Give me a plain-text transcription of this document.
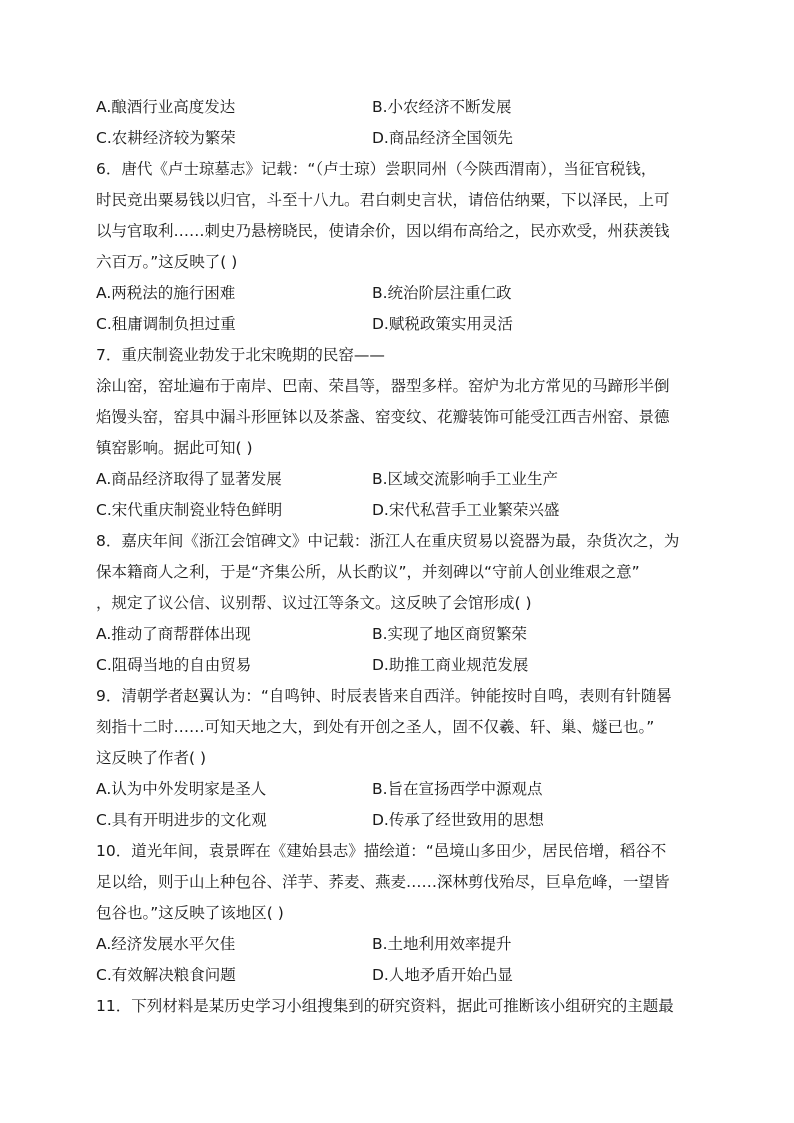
A.酿酒行业高度发达	B.小农经济不断发展
C.农耕经济较为繁荣	D.商品经济全国领先
6．唐代《卢士琼墓志》记载：“（卢士琼）尝职同州（今陕西渭南），当征官税钱，
时民竞出粟易钱以归官，斗至十八九。君白刺史言状，请倍估纳粟，下以泽民，上可
以与官取利……刺史乃悬榜晓民，使请余价，因以绢布高给之，民亦欢受，州获羡钱
六百万。”这反映了( )
A.两税法的施行困难	B.统治阶层注重仁政
C.租庸调制负担过重	D.赋税政策实用灵活
7．重庆制瓷业勃发于北宋晚期的民窑——
涂山窑，窑址遍布于南岸、巴南、荣昌等，器型多样。窑炉为北方常见的马蹄形半倒
焰馒头窑，窑具中漏斗形匣钵以及茶盏、窑变纹、花瓣装饰可能受江西吉州窑、景德
镇窑影响。据此可知( )
A.商品经济取得了显著发展	B.区域交流影响手工业生产
C.宋代重庆制瓷业特色鲜明	D.宋代私营手工业繁荣兴盛
8．嘉庆年间《浙江会馆碑文》中记载：浙江人在重庆贸易以瓷器为最，杂货次之，为
保本籍商人之利，于是“齐集公所，从长酌议”，并刻碑以“守前人创业维艰之意”
，规定了议公信、议别帮、议过江等条文。这反映了会馆形成( )
A.推动了商帮群体出现	B.实现了地区商贸繁荣
C.阻碍当地的自由贸易	D.助推工商业规范发展
9．清朝学者赵翼认为：“自鸣钟、时辰表皆来自西洋。钟能按时自鸣，表则有针随晷
刻指十二时……可知天地之大，到处有开创之圣人，固不仅羲、轩、巢、燧已也。”
这反映了作者( )
A.认为中外发明家是圣人	B.旨在宣扬西学中源观点
C.具有开明进步的文化观	D.传承了经世致用的思想
10．道光年间，袁景晖在《建始县志》描绘道：“邑境山多田少，居民倍增，稻谷不
足以给，则于山上种包谷、洋芋、荞麦、燕麦……深林剪伐殆尽，巨阜危峰，一望皆
包谷也。”这反映了该地区( )
A.经济发展水平欠佳	B.土地利用效率提升
C.有效解决粮食问题	D.人地矛盾开始凸显
11．下列材料是某历史学习小组搜集到的研究资料，据此可推断该小组研究的主题最
